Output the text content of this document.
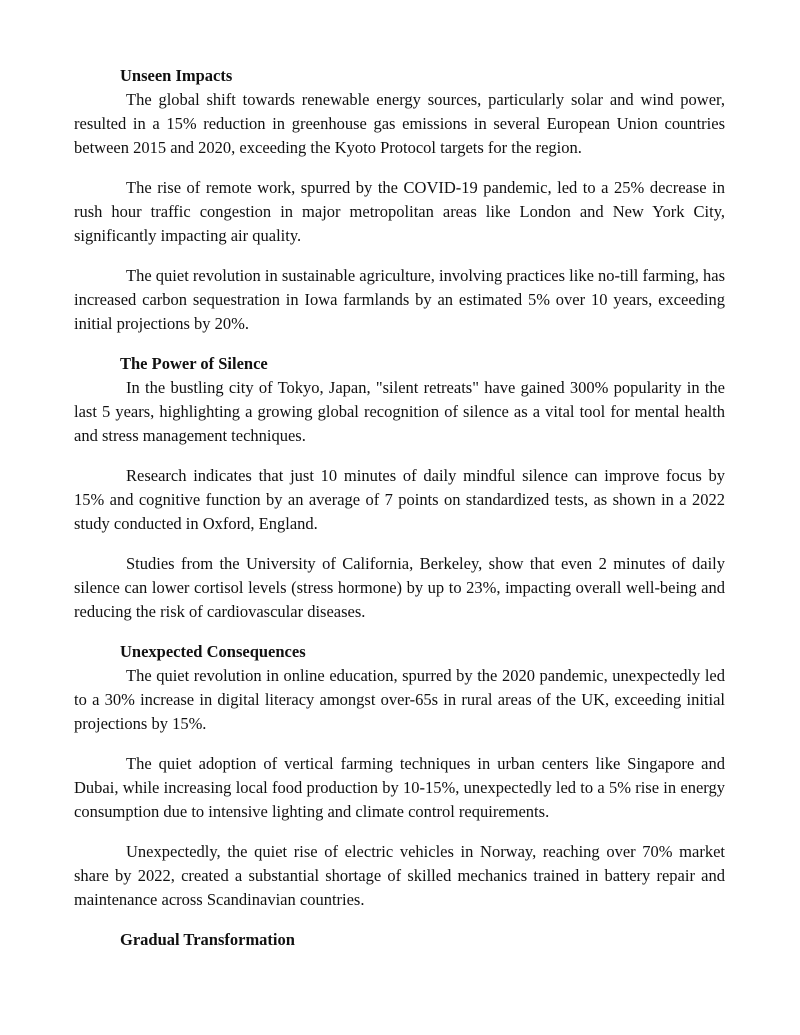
Unseen Impacts

The global shift towards renewable energy sources, particularly solar and wind power, resulted in a 15% reduction in greenhouse gas emissions in several European Union countries between 2015 and 2020, exceeding the Kyoto Protocol targets for the region.

The rise of remote work, spurred by the COVID-19 pandemic, led to a 25% decrease in rush hour traffic congestion in major metropolitan areas like London and New York City, significantly impacting air quality.

The quiet revolution in sustainable agriculture, involving practices like no-till farming, has increased carbon sequestration in Iowa farmlands by an estimated 5% over 10 years, exceeding initial projections by 20%.

The Power of Silence

In the bustling city of Tokyo, Japan, "silent retreats" have gained 300% popularity in the last 5 years, highlighting a growing global recognition of silence as a vital tool for mental health and stress management techniques.

Research indicates that just 10 minutes of daily mindful silence can improve focus by 15% and cognitive function by an average of 7 points on standardized tests, as shown in a 2022 study conducted in Oxford, England.

Studies from the University of California, Berkeley, show that even 2 minutes of daily silence can lower cortisol levels (stress hormone) by up to 23%, impacting overall well-being and reducing the risk of cardiovascular diseases.

Unexpected Consequences

The quiet revolution in online education, spurred by the 2020 pandemic, unexpectedly led to a 30% increase in digital literacy amongst over-65s in rural areas of the UK, exceeding initial projections by 15%.

The quiet adoption of vertical farming techniques in urban centers like Singapore and Dubai, while increasing local food production by 10-15%, unexpectedly led to a 5% rise in energy consumption due to intensive lighting and climate control requirements.

Unexpectedly, the quiet rise of electric vehicles in Norway, reaching over 70% market share by 2022, created a substantial shortage of skilled mechanics trained in battery repair and maintenance across Scandinavian countries.

Gradual Transformation
